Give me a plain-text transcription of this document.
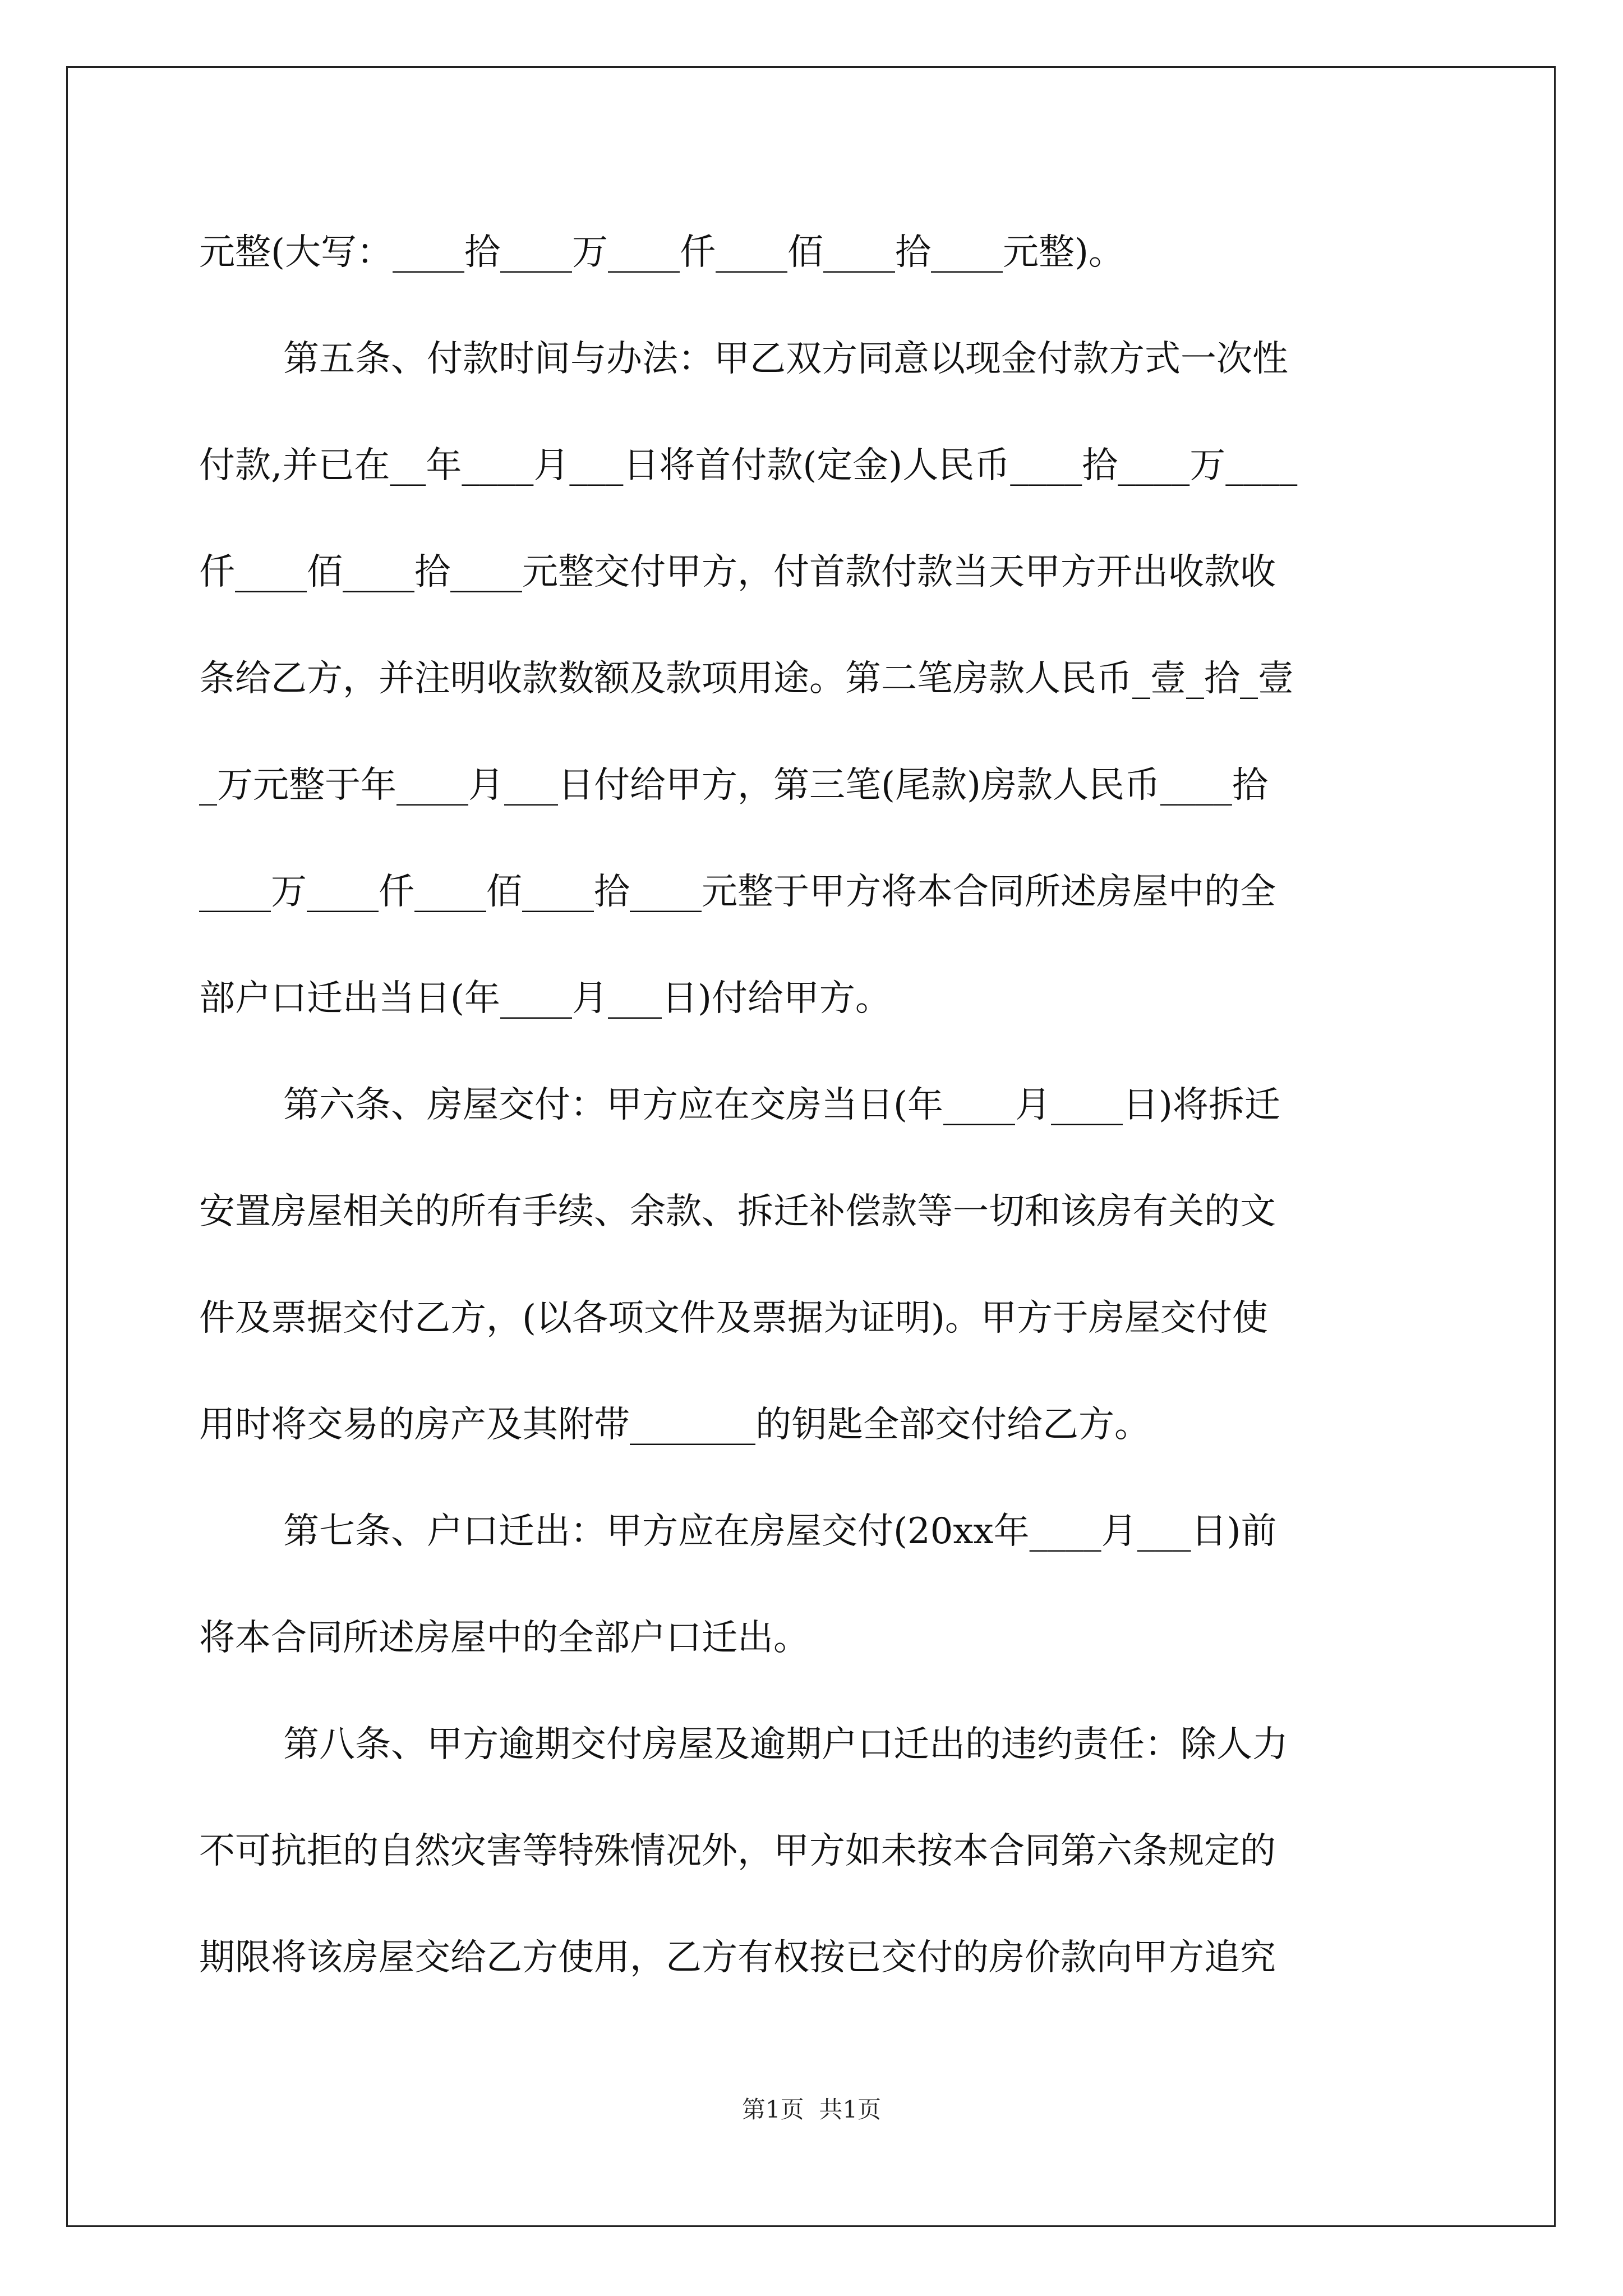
元整(大写：____拾____万____仟____佰____拾____元整)。
第五条、付款时间与办法：甲乙双方同意以现金付款方式一次性
付款,并已在__年____月___日将首付款(定金)人民币____拾____万____
仟____佰____拾____元整交付甲方，付首款付款当天甲方开出收款收
条给乙方，并注明收款数额及款项用途。第二笔房款人民币_壹_拾_壹
_万元整于年____月___日付给甲方，第三笔(尾款)房款人民币____拾
____万____仟____佰____拾____元整于甲方将本合同所述房屋中的全
部户口迁出当日(年____月___日)付给甲方。
第六条、房屋交付：甲方应在交房当日(年____月____日)将拆迁
安置房屋相关的所有手续、余款、拆迁补偿款等一切和该房有关的文
件及票据交付乙方，(以各项文件及票据为证明)。甲方于房屋交付使
用时将交易的房产及其附带_______的钥匙全部交付给乙方。
第七条、户口迁出：甲方应在房屋交付(20xx年____月___日)前
将本合同所述房屋中的全部户口迁出。
第八条、甲方逾期交付房屋及逾期户口迁出的违约责任：除人力
不可抗拒的自然灾害等特殊情况外，甲方如未按本合同第六条规定的
期限将该房屋交给乙方使用，乙方有权按已交付的房价款向甲方追究
第1页  共1页
